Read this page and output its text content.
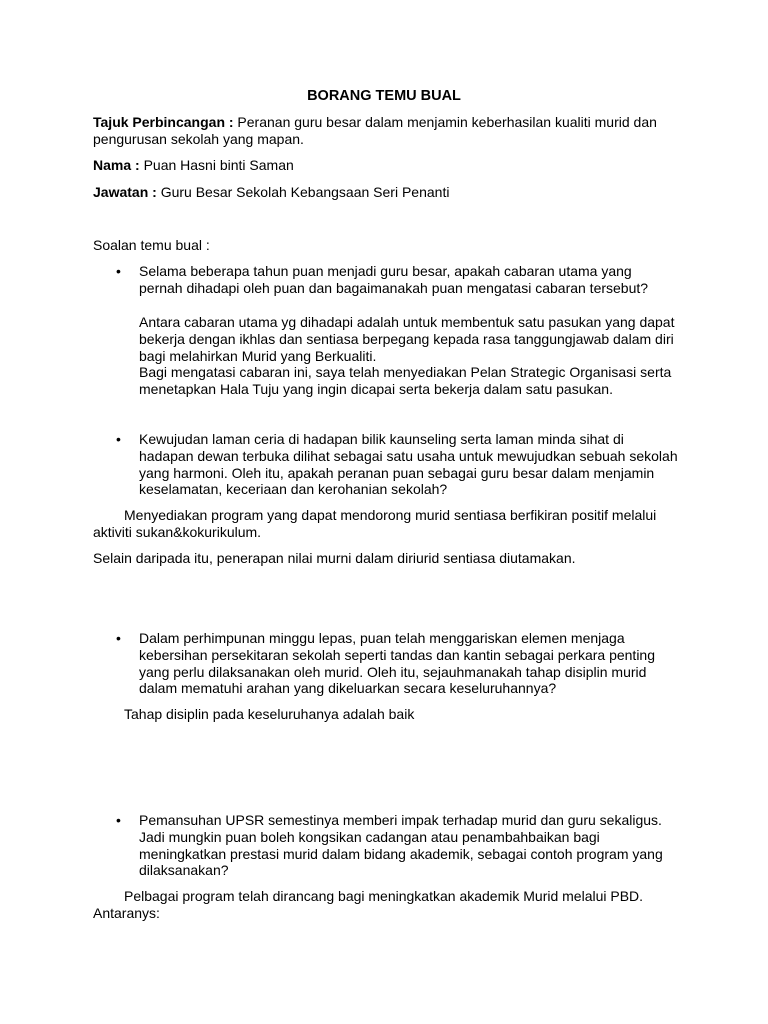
BORANG TEMU BUAL
Tajuk Perbincangan : Peranan guru besar dalam menjamin keberhasilan kualiti murid dan pengurusan sekolah yang mapan.
Nama : Puan Hasni binti Saman
Jawatan : Guru Besar Sekolah Kebangsaan Seri Penanti
Soalan temu bual :
• Selama beberapa tahun puan menjadi guru besar, apakah cabaran utama yang pernah dihadapi oleh puan dan bagaimanakah puan mengatasi cabaran tersebut?
Antara cabaran utama yg dihadapi adalah untuk membentuk satu pasukan yang dapat bekerja dengan ikhlas dan sentiasa berpegang kepada rasa tanggungjawab dalam diri bagi melahirkan Murid yang Berkualiti.
Bagi mengatasi cabaran ini, saya telah menyediakan Pelan Strategic Organisasi serta menetapkan Hala Tuju yang ingin dicapai serta bekerja dalam satu pasukan.
• Kewujudan laman ceria di hadapan bilik kaunseling serta laman minda sihat di hadapan dewan terbuka dilihat sebagai satu usaha untuk mewujudkan sebuah sekolah yang harmoni. Oleh itu, apakah peranan puan sebagai guru besar dalam menjamin keselamatan, keceriaan dan kerohanian sekolah?
Menyediakan program yang dapat mendorong murid sentiasa berfikiran positif melalui aktiviti sukan&kokurikulum.
Selain daripada itu, penerapan nilai murni dalam diriurid sentiasa diutamakan.
• Dalam perhimpunan minggu lepas, puan telah menggariskan elemen menjaga kebersihan persekitaran sekolah seperti tandas dan kantin sebagai perkara penting yang perlu dilaksanakan oleh murid. Oleh itu, sejauhmanakah tahap disiplin murid dalam mematuhi arahan yang dikeluarkan secara keseluruhannya?
Tahap disiplin pada keseluruhanya adalah baik
• Pemansuhan UPSR semestinya memberi impak terhadap murid dan guru sekaligus. Jadi mungkin puan boleh kongsikan cadangan atau penambahbaikan bagi meningkatkan prestasi murid dalam bidang akademik, sebagai contoh program yang dilaksanakan?
Pelbagai program telah dirancang bagi meningkatkan akademik Murid melalui PBD. Antaranys:
